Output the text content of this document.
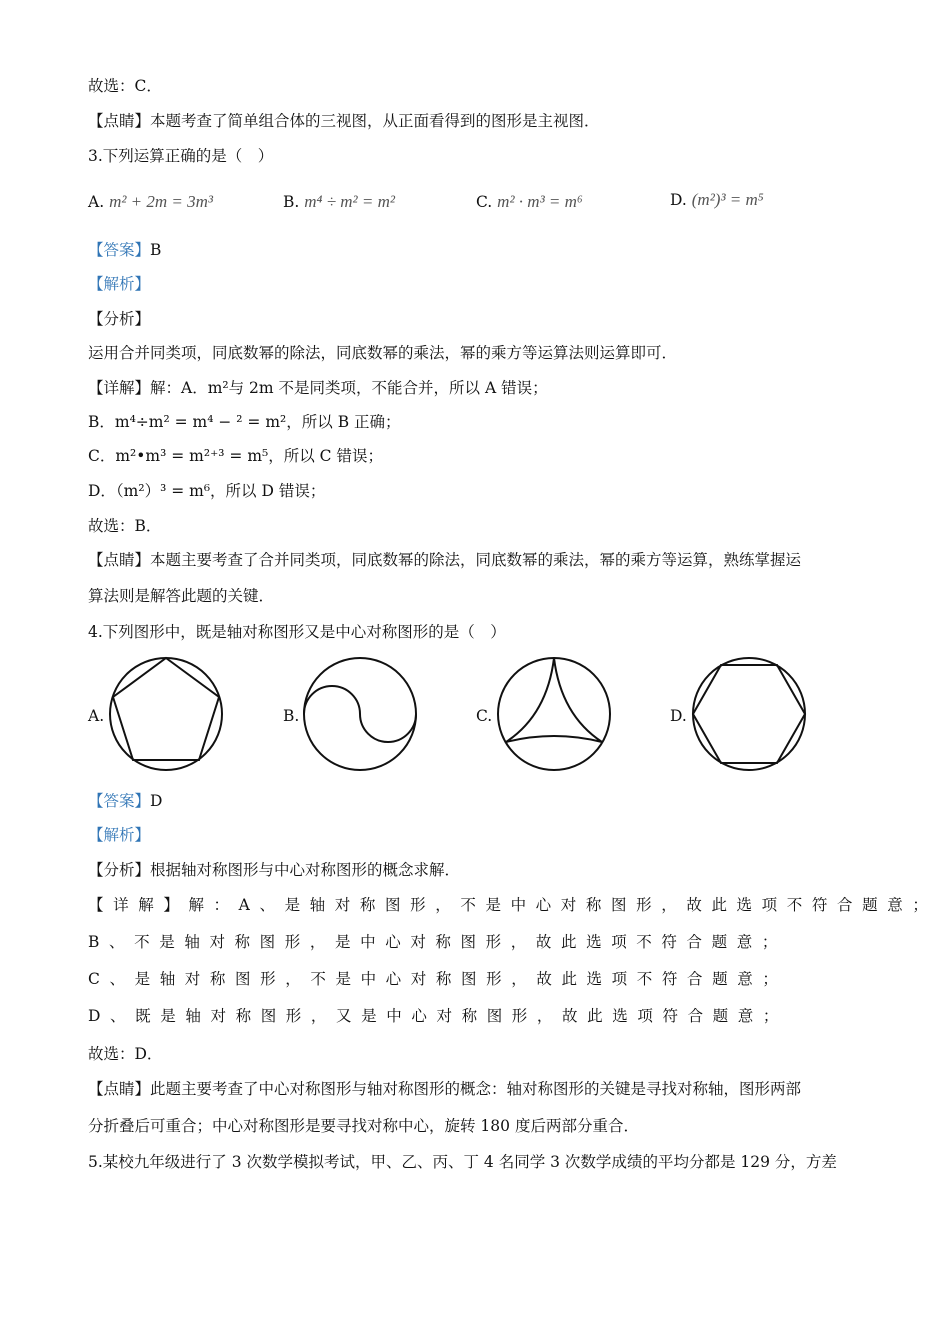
故选：C．
【点睛】本题考查了简单组合体的三视图，从正面看得到的图形是主视图．
3.下列运算正确的是（　）
A. m² + 2m = 3m³	B. m⁴ ÷ m² = m²	C. m² · m³ = m⁶	D. (m²)³ = m⁵
【答案】B
【解析】
【分析】
运用合并同类项，同底数幂的除法，同底数幂的乘法，幂的乘方等运算法则运算即可．
【详解】解：A．m²与 2m 不是同类项，不能合并，所以 A 错误；
B．m⁴÷m² = m⁴ − ² = m²，所以 B 正确；
C．m²•m³ = m²⁺³ = m⁵，所以 C 错误；
D．（m²）³ = m⁶，所以 D 错误；
故选：B．
【点睛】本题主要考查了合并同类项，同底数幂的除法，同底数幂的乘法，幂的乘方等运算，熟练掌握运
算法则是解答此题的关键．
4.下列图形中，既是轴对称图形又是中心对称图形的是（　）
A.	B.	C.	D.
【答案】D
【解析】
【分析】根据轴对称图形与中心对称图形的概念求解．
【详解】解：A、是轴对称图形，不是中心对称图形，故此选项不符合题意；
B、不是轴对称图形，是中心对称图形，故此选项不符合题意；
C、是轴对称图形，不是中心对称图形，故此选项不符合题意；
D、既是轴对称图形，又是中心对称图形，故此选项符合题意；
故选：D．
【点睛】此题主要考查了中心对称图形与轴对称图形的概念：轴对称图形的关键是寻找对称轴，图形两部
分折叠后可重合；中心对称图形是要寻找对称中心，旋转 180 度后两部分重合．
5.某校九年级进行了 3 次数学模拟考试，甲、乙、丙、丁 4 名同学 3 次数学成绩的平均分都是 129 分，方差
